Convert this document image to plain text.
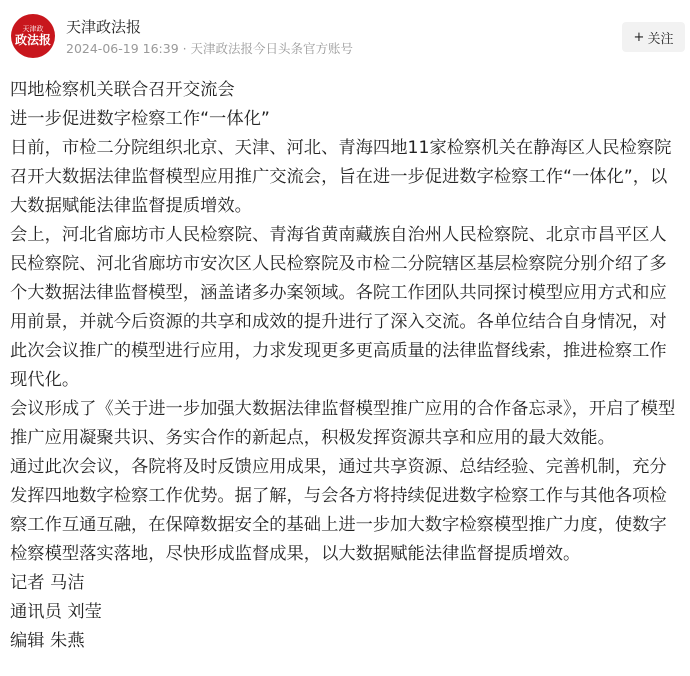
天津政
政法报
天津政法报
2024-06-19 16:39 · 天津政法报今日头条官方账号
+ 关注

四地检察机关联合召开交流会

进一步促进数字检察工作“一体化”

日前，市检二分院组织北京、天津、河北、青海四地11家检察机关在静海区人民检察院召开大数据法律监督模型应用推广交流会，旨在进一步促进数字检察工作“一体化”，以大数据赋能法律监督提质增效。

会上，河北省廊坊市人民检察院、青海省黄南藏族自治州人民检察院、北京市昌平区人民检察院、河北省廊坊市安次区人民检察院及市检二分院辖区基层检察院分别介绍了多个大数据法律监督模型，涵盖诸多办案领域。各院工作团队共同探讨模型应用方式和应用前景，并就今后资源的共享和成效的提升进行了深入交流。各单位结合自身情况，对此次会议推广的模型进行应用，力求发现更多更高质量的法律监督线索，推进检察工作现代化。

会议形成了《关于进一步加强大数据法律监督模型推广应用的合作备忘录》，开启了模型推广应用凝聚共识、务实合作的新起点，积极发挥资源共享和应用的最大效能。

通过此次会议，各院将及时反馈应用成果，通过共享资源、总结经验、完善机制，充分发挥四地数字检察工作优势。据了解，与会各方将持续促进数字检察工作与其他各项检察工作互通互融，在保障数据安全的基础上进一步加大数字检察模型推广力度，使数字检察模型落实落地，尽快形成监督成果，以大数据赋能法律监督提质增效。

记者 马洁

通讯员 刘莹

编辑 朱燕
